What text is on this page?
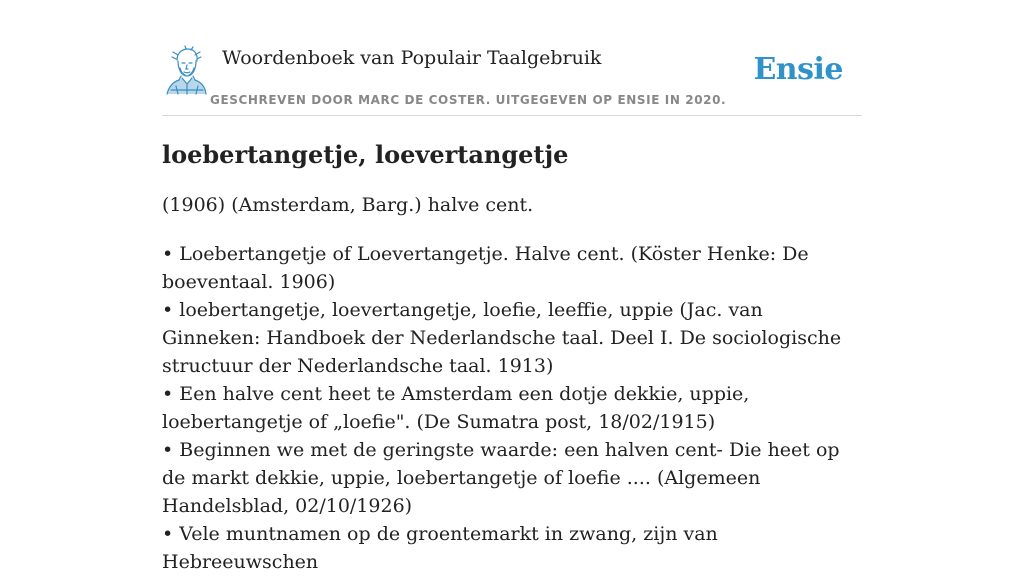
Woordenboek van Populair Taalgebruik
GESCHREVEN DOOR MARC DE COSTER. UITGEGEVEN OP ENSIE IN 2020.
Ensie
loebertangetje, loevertangetje

(1906) (Amsterdam, Barg.) halve cent.

• Loebertangetje of Loevertangetje. Halve cent. (Köster Henke: De boeventaal. 1906)
• loebertangetje, loevertangetje, loefie, leeffie, uppie (Jac. van Ginneken: Handboek der Nederlandsche taal. Deel I. De sociologische structuur der Nederlandsche taal. 1913)
• Een halve cent heet te Amsterdam een dotje dekkie, uppie, loebertangetje of „loefie". (De Sumatra post, 18/02/1915)
• Beginnen we met de geringste waarde: een halven cent- Die heet op de markt dekkie, uppie, loebertangetje of loefie .... (Algemeen Handelsblad, 02/10/1926)
• Vele muntnamen op de groentemarkt in zwang, zijn van Hebreeuwschen
